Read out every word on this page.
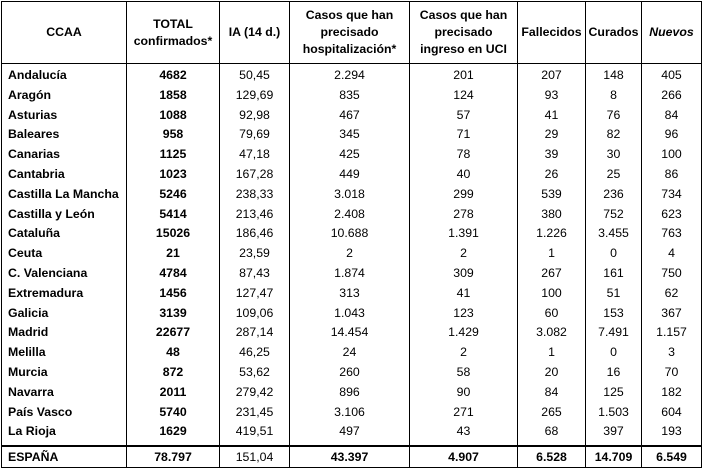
CCAA	TOTAL confirmados*	IA (14 d.)	Casos que han precisado hospitalización*	Casos que han precisado ingreso en UCI	Fallecidos	Curados	Nuevos
Andalucía	4682	50,45	2.294	201	207	148	405
Aragón	1858	129,69	835	124	93	8	266
Asturias	1088	92,98	467	57	41	76	84
Baleares	958	79,69	345	71	29	82	96
Canarias	1125	47,18	425	78	39	30	100
Cantabria	1023	167,28	449	40	26	25	86
Castilla La Mancha	5246	238,33	3.018	299	539	236	734
Castilla y León	5414	213,46	2.408	278	380	752	623
Cataluña	15026	186,46	10.688	1.391	1.226	3.455	763
Ceuta	21	23,59	2	2	1	0	4
C. Valenciana	4784	87,43	1.874	309	267	161	750
Extremadura	1456	127,47	313	41	100	51	62
Galicia	3139	109,06	1.043	123	60	153	367
Madrid	22677	287,14	14.454	1.429	3.082	7.491	1.157
Melilla	48	46,25	24	2	1	0	3
Murcia	872	53,62	260	58	20	16	70
Navarra	2011	279,42	896	90	84	125	182
País Vasco	5740	231,45	3.106	271	265	1.503	604
La Rioja	1629	419,51	497	43	68	397	193
ESPAÑA	78.797	151,04	43.397	4.907	6.528	14.709	6.549
